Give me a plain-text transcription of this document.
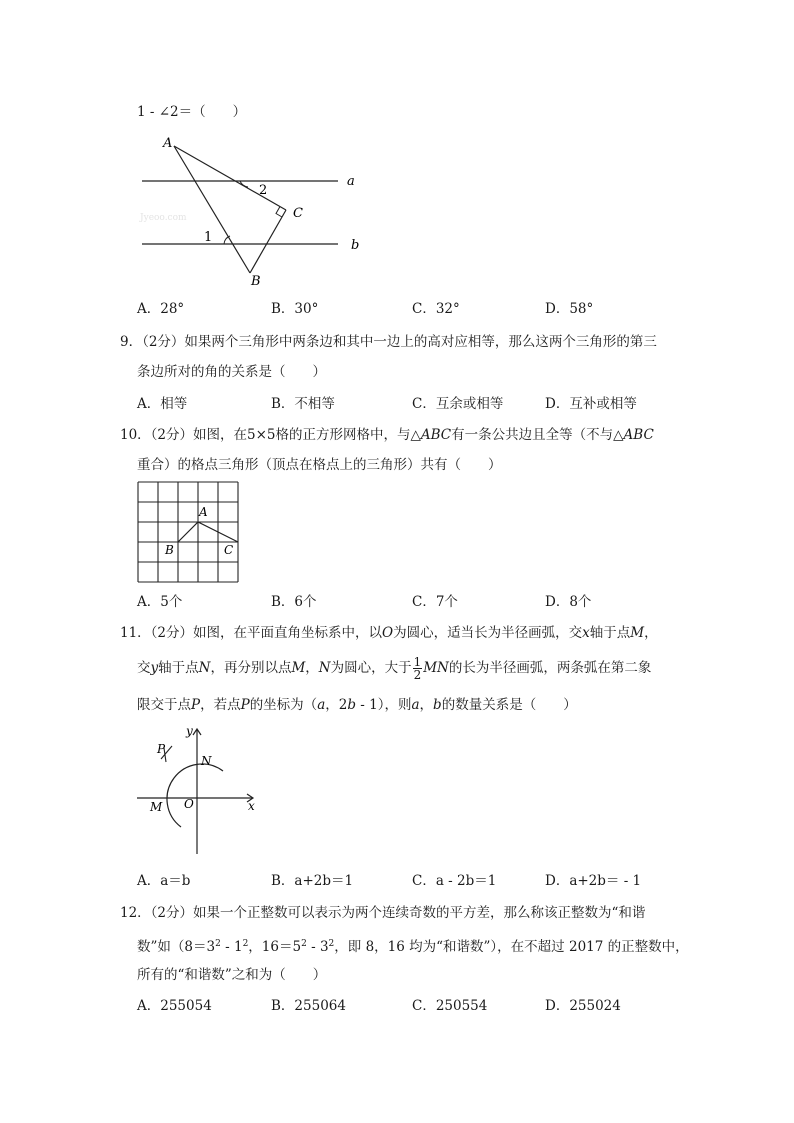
1 - ∠2＝（　　）
A
B
C
a
b
2
1
Jyeoo.com
A．28°	B．30°	C．32°	D．58°
9．（2分）如果两个三角形中两条边和其中一边上的高对应相等，那么这两个三角形的第三
条边所对的角的关系是（　　）
A．相等	B．不相等	C．互余或相等	D．互补或相等
10．（2分）如图，在5×5格的正方形网格中，与△ABC有一条公共边且全等（不与△ABC
重合）的格点三角形（顶点在格点上的三角形）共有（　　）
A
B	C
A．5个	B．6个	C．7个	D．8个
11．（2分）如图，在平面直角坐标系中，以O为圆心，适当长为半径画弧，交x轴于点M，
交y轴于点N，再分别以点M，N为圆心，大于 $\frac{1}{2}$ MN的长为半径画弧，两条弧在第二象
限交于点P，若点P的坐标为（a，2b - 1），则a，b的数量关系是（　　）
P
N
M O	x
y
A．a＝b	B．a+2b＝1	C．a - 2b＝1	D．a+2b＝ - 1
12．（2分）如果一个正整数可以表示为两个连续奇数的平方差，那么称该正整数为“和谐
数”如（$8=3^2 - 1^2$，$16=5^2 - 3^2$，即 8，16 均为“和谐数”），在不超过 2017 的正整数中，
所有的“和谐数”之和为（　　）
A．255054	B．255064	C．250554	D．255024
